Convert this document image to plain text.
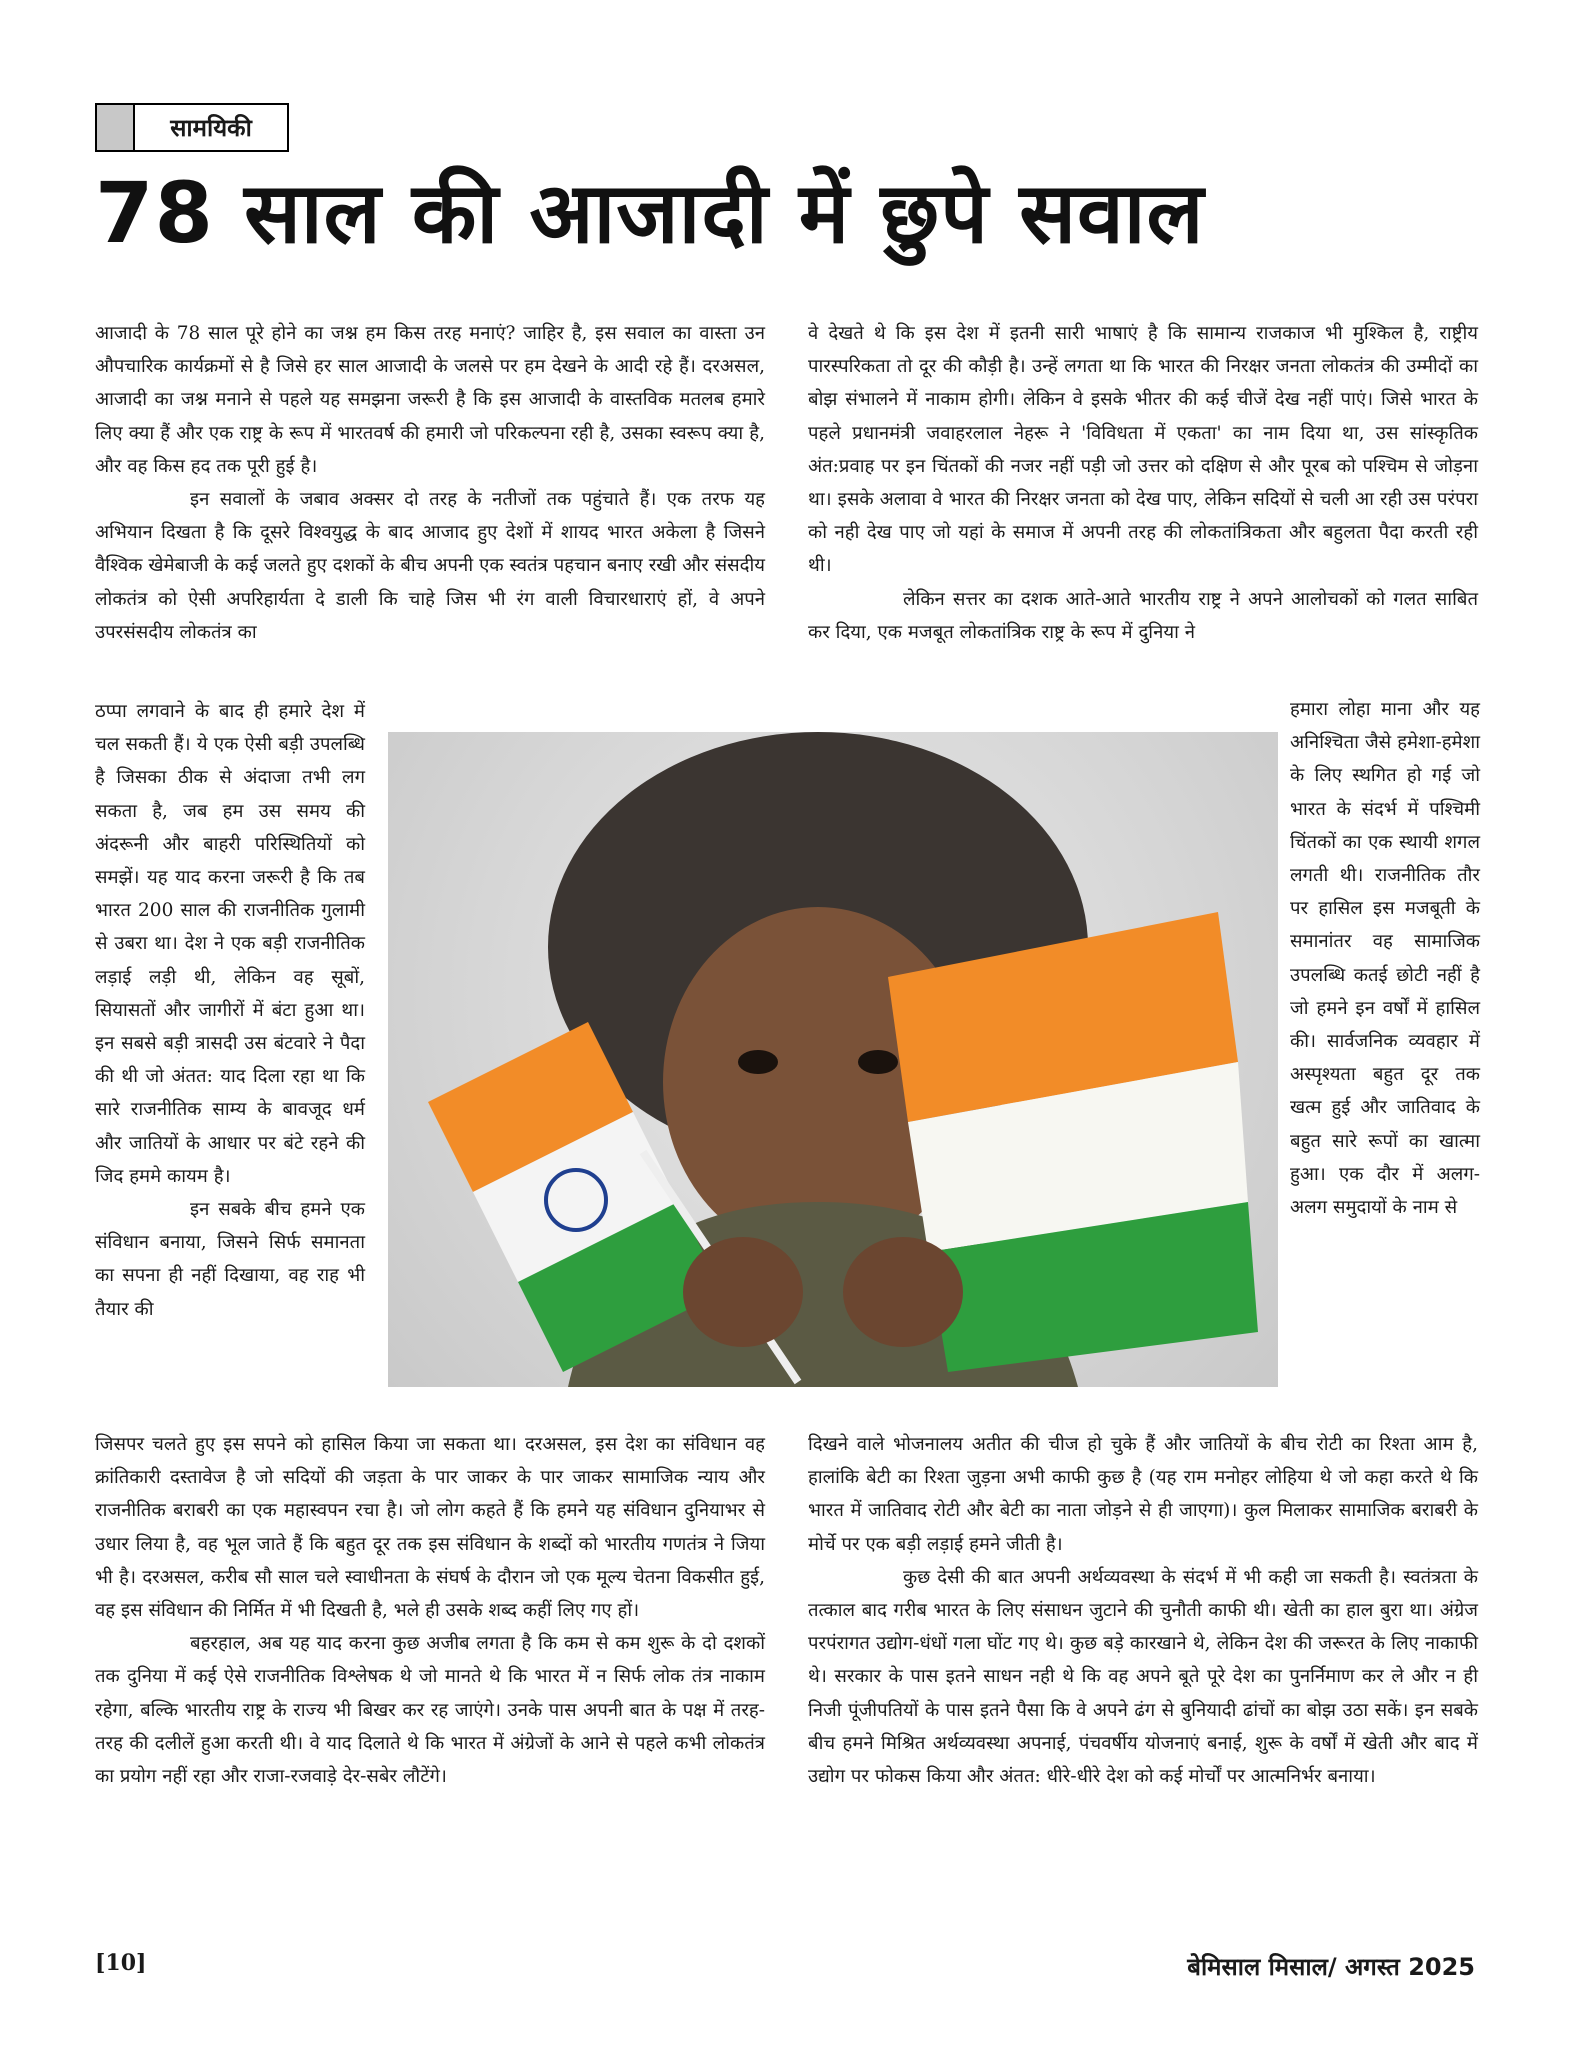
सामयिकी
78 साल की आजादी में छुपे सवाल

आजादी के 78 साल पूरे होने का जश्न हम किस तरह मनाएं? जाहिर है, इस सवाल का वास्ता उन औपचारिक कार्यक्रमों से है जिसे हर साल आजादी के जलसे पर हम देखने के आदी रहे हैं। दरअसल, आजादी का जश्न मनाने से पहले यह समझना जरूरी है कि इस आजादी के वास्तविक मतलब हमारे लिए क्या हैं और एक राष्ट्र के रूप में भारतवर्ष की हमारी जो परिकल्पना रही है, उसका स्वरूप क्या है, और वह किस हद तक पूरी हुई है।

इन सवालों के जबाव अक्सर दो तरह के नतीजों तक पहुंचाते हैं। एक तरफ यह अभियान दिखता है कि दूसरे विश्वयुद्ध के बाद आजाद हुए देशों में शायद भारत अकेला है जिसने वैश्विक खेमेबाजी के कई जलते हुए दशकों के बीच अपनी एक स्वतंत्र पहचान बनाए रखी और संसदीय लोकतंत्र को ऐसी अपरिहार्यता दे डाली कि चाहे जिस भी रंग वाली विचारधाराएं हों, वे अपने उपरसंसदीय लोकतंत्र का

वे देखते थे कि इस देश में इतनी सारी भाषाएं है कि सामान्य राजकाज भी मुश्किल है, राष्ट्रीय पारस्परिकता तो दूर की कौड़ी है। उन्हें लगता था कि भारत की निरक्षर जनता लोकतंत्र की उम्मीदों का बोझ संभालने में नाकाम होगी। लेकिन वे इसके भीतर की कई चीजें देख नहीं पाएं। जिसे भारत के पहले प्रधानमंत्री जवाहरलाल नेहरू ने 'विविधता में एकता' का नाम दिया था, उस सांस्कृतिक अंत:प्रवाह पर इन चिंतकों की नजर नहीं पड़ी जो उत्तर को दक्षिण से और पूरब को पश्चिम से जोड़ना था। इसके अलावा वे भारत की निरक्षर जनता को देख पाए, लेकिन सदियों से चली आ रही उस परंपरा को नही देख पाए जो यहां के समाज में अपनी तरह की लोकतांत्रिकता और बहुलता पैदा करती रही थी।

लेकिन सत्तर का दशक आते-आते भारतीय राष्ट्र ने अपने आलोचकों को गलत साबित कर दिया, एक मजबूत लोकतांत्रिक राष्ट्र के रूप में दुनिया ने

ठप्पा लगवाने के बाद ही हमारे देश में चल सकती हैं। ये एक ऐसी बड़ी उपलब्धि है जिसका ठीक से अंदाजा तभी लग सकता है, जब हम उस समय की अंदरूनी और बाहरी परिस्थितियों को समझें। यह याद करना जरूरी है कि तब भारत 200 साल की राजनीतिक गुलामी से उबरा था। देश ने एक बड़ी राजनीतिक लड़ाई लड़ी थी, लेकिन वह सूबों, सियासतों और जागीरों में बंटा हुआ था। इन सबसे बड़ी त्रासदी उस बंटवारे ने पैदा की थी जो अंतत: याद दिला रहा था कि सारे राजनीतिक साम्य के बावजूद धर्म और जातियों के आधार पर बंटे रहने की जिद हममे कायम है।

इन सबके बीच हमने एक संविधान बनाया, जिसने सिर्फ समानता का सपना ही नहीं दिखाया, वह राह भी तैयार की

हमारा लोहा माना और यह अनिश्चिता जैसे हमेशा-हमेशा के लिए स्थगित हो गई जो भारत के संदर्भ में पश्चिमी चिंतकों का एक स्थायी शगल लगती थी। राजनीतिक तौर पर हासिल इस मजबूती के समानांतर वह सामाजिक उपलब्धि कतई छोटी नहीं है जो हमने इन वर्षों में हासिल की। सार्वजनिक व्यवहार में अस्पृश्यता बहुत दूर तक खत्म हुई और जातिवाद के बहुत सारे रूपों का खात्मा हुआ। एक दौर में अलग-अलग समुदायों के नाम से

जिसपर चलते हुए इस सपने को हासिल किया जा सकता था। दरअसल, इस देश का संविधान वह क्रांतिकारी दस्तावेज है जो सदियों की जड़ता के पार जाकर के पार जाकर सामाजिक न्याय और राजनीतिक बराबरी का एक महास्वपन रचा है। जो लोग कहते हैं कि हमने यह संविधान दुनियाभर से उधार लिया है, वह भूल जाते हैं कि बहुत दूर तक इस संविधान के शब्दों को भारतीय गणतंत्र ने जिया भी है। दरअसल, करीब सौ साल चले स्वाधीनता के संघर्ष के दौरान जो एक मूल्य चेतना विकसीत हुई, वह इस संविधान की निर्मित में भी दिखती है, भले ही उसके शब्द कहीं लिए गए हों।

बहरहाल, अब यह याद करना कुछ अजीब लगता है कि कम से कम शुरू के दो दशकों तक दुनिया में कई ऐसे राजनीतिक विश्लेषक थे जो मानते थे कि भारत में न सिर्फ लोक तंत्र नाकाम रहेगा, बल्कि भारतीय राष्ट्र के राज्य भी बिखर कर रह जाएंगे। उनके पास अपनी बात के पक्ष में तरह-तरह की दलीलें हुआ करती थी। वे याद दिलाते थे कि भारत में अंग्रेजों के आने से पहले कभी लोकतंत्र का प्रयोग नहीं रहा और राजा-रजवाड़े देर-सबेर लौटेंगे।

दिखने वाले भोजनालय अतीत की चीज हो चुके हैं और जातियों के बीच रोटी का रिश्ता आम है, हालांकि बेटी का रिश्ता जुड़ना अभी काफी कुछ है (यह राम मनोहर लोहिया थे जो कहा करते थे कि भारत में जातिवाद रोटी और बेटी का नाता जोड़ने से ही जाएगा)। कुल मिलाकर सामाजिक बराबरी के मोर्चे पर एक बड़ी लड़ाई हमने जीती है।

कुछ देसी की बात अपनी अर्थव्यवस्था के संदर्भ में भी कही जा सकती है। स्वतंत्रता के तत्काल बाद गरीब भारत के लिए संसाधन जुटाने की चुनौती काफी थी। खेती का हाल बुरा था। अंग्रेज परपंरागत उद्योग-धंधों गला घोंट गए थे। कुछ बड़े कारखाने थे, लेकिन देश की जरूरत के लिए नाकाफी थे। सरकार के पास इतने साधन नही थे कि वह अपने बूते पूरे देश का पुनर्निमाण कर ले और न ही निजी पूंजीपतियों के पास इतने पैसा कि वे अपने ढंग से बुनियादी ढांचों का बोझ उठा सकें। इन सबके बीच हमने मिश्रित अर्थव्यवस्था अपनाई, पंचवर्षीय योजनाएं बनाई, शुरू के वर्षों में खेती और बाद में उद्योग पर फोकस किया और अंतत: धीरे-धीरे देश को कई मोर्चों पर आत्मनिर्भर बनाया।

[10]	बेमिसाल मिसाल/ अगस्त 2025
